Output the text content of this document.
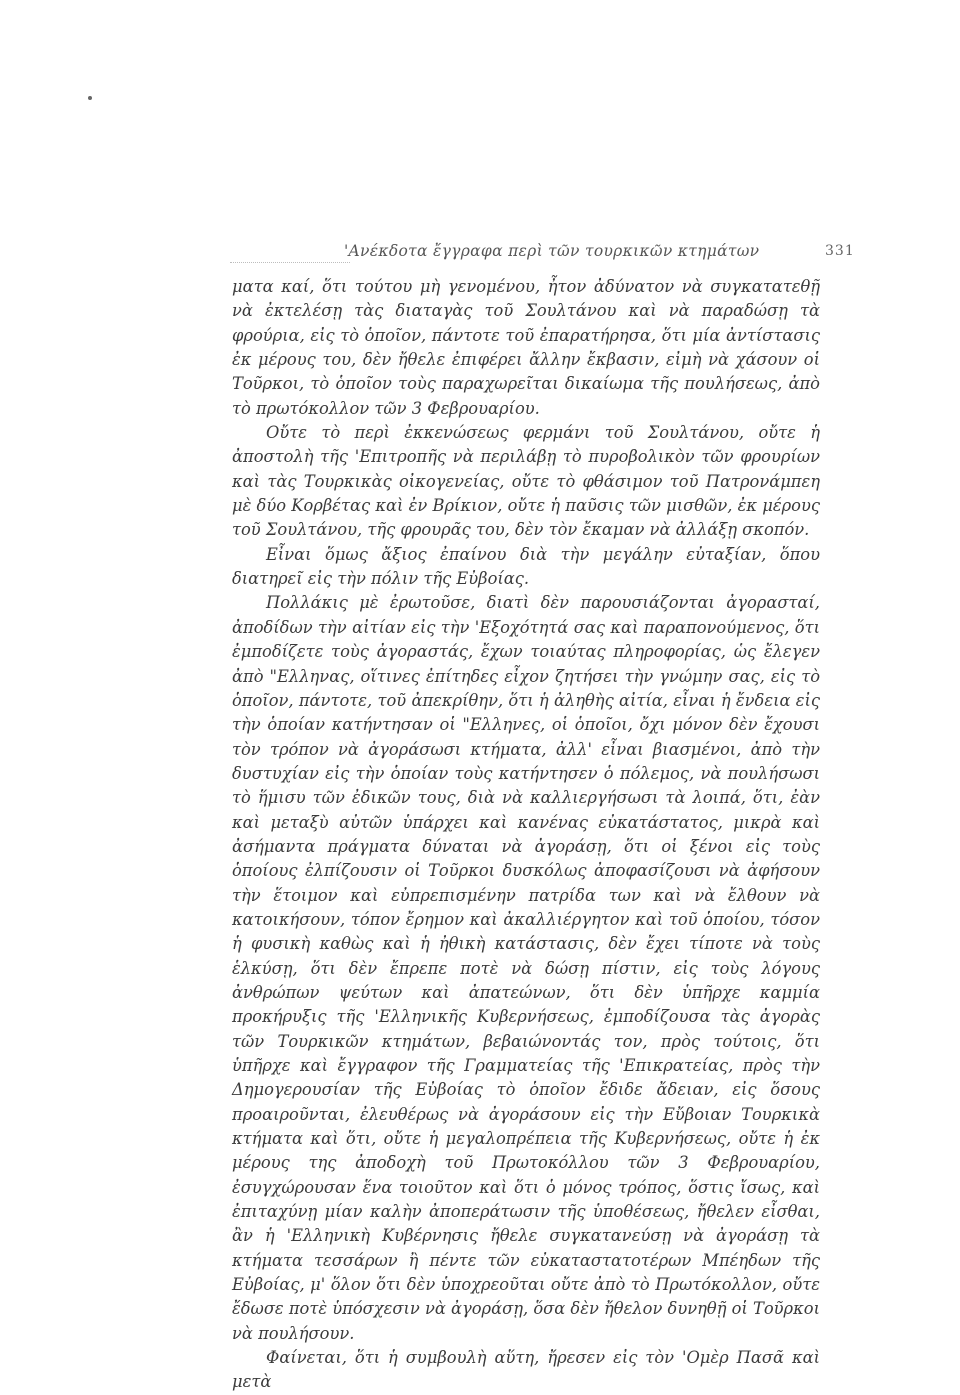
'Ανέκδοτα ἔγγραφα περὶ τῶν τουρκικῶν κτημάτων	331

ματα καί, ὅτι τούτου μὴ γενομένου, ἦτον ἀδύνατον νὰ συγκατατεθῇ νὰ ἐκτελέσῃ τὰς διαταγὰς τοῦ Σουλτάνου καὶ νὰ παραδώσῃ τὰ φρούρια, εἰς τὸ ὁποῖον, πάντοτε τοῦ ἐπαρατήρησα, ὅτι μία ἀντίστασις ἐκ μέρους του, δὲν ἤθελε ἐπιφέρει ἄλλην ἔκβασιν, εἰμὴ νὰ χάσουν οἱ Τοῦρκοι, τὸ ὁποῖον τοὺς παραχωρεῖται δικαίωμα τῆς πουλήσεως, ἀπὸ τὸ πρωτόκολλον τῶν 3 Φεβρουαρίου.

Οὔτε τὸ περὶ ἐκκενώσεως φερμάνι τοῦ Σουλτάνου, οὔτε ἡ ἀποστολὴ τῆς 'Επιτροπῆς νὰ περιλάβῃ τὸ πυροβολικὸν τῶν φρουρίων καὶ τὰς Τουρκικὰς οἰκογενείας, οὔτε τὸ φθάσιμον τοῦ Πατρονάμπεη μὲ δύο Κορβέτας καὶ ἐν Βρίκιον, οὔτε ἡ παῦσις τῶν μισθῶν, ἐκ μέρους τοῦ Σουλτάνου, τῆς φρουρᾶς του, δὲν τὸν ἔκαμαν νὰ ἀλλάξῃ σκοπόν.

Εἶναι ὅμως ἄξιος ἐπαίνου διὰ τὴν μεγάλην εὐταξίαν, ὅπου διατηρεῖ εἰς τὴν πόλιν τῆς Εὐβοίας.

Πολλάκις μὲ ἐρωτοῦσε, διατὶ δὲν παρουσιάζονται ἀγορασταί, ἀποδίδων τὴν αἰτίαν εἰς τὴν 'Εξοχότητά σας καὶ παραπονούμενος, ὅτι ἐμποδίζετε τοὺς ἀγοραστάς, ἔχων τοιαύτας πληροφορίας, ὡς ἔλεγεν ἀπὸ "Ελληνας, οἵτινες ἐπίτηδες εἶχον ζητήσει τὴν γνώμην σας, εἰς τὸ ὁποῖον, πάντοτε, τοῦ ἀπεκρίθην, ὅτι ἡ ἀληθὴς αἰτία, εἶναι ἡ ἔνδεια εἰς τὴν ὁποίαν κατήντησαν οἱ "Ελληνες, οἱ ὁποῖοι, ὄχι μόνον δὲν ἔχουσι τὸν τρόπον νὰ ἀγοράσωσι κτήματα, ἀλλ' εἶναι βιασμένοι, ἀπὸ τὴν δυστυχίαν εἰς τὴν ὁποίαν τοὺς κατήντησεν ὁ πόλεμος, νὰ πουλήσωσι τὸ ἥμισυ τῶν ἐδικῶν τους, διὰ νὰ καλλιεργήσωσι τὰ λοιπά, ὅτι, ἐὰν καὶ μεταξὺ αὐτῶν ὑπάρχει καὶ κανένας εὐκατάστατος, μικρὰ καὶ ἀσήμαντα πράγματα δύναται νὰ ἀγοράσῃ, ὅτι οἱ ξένοι εἰς τοὺς ὁποίους ἐλπίζουσιν οἱ Τοῦρκοι δυσκόλως ἀποφασίζουσι νὰ ἀφήσουν τὴν ἕτοιμον καὶ εὐπρεπισμένην πατρίδα των καὶ νὰ ἔλθουν νὰ κατοικήσουν, τόπον ἔρημον καὶ ἀκαλλιέργητον καὶ τοῦ ὁποίου, τόσον ἡ φυσικὴ καθὼς καὶ ἡ ἠθικὴ κατάστασις, δὲν ἔχει τίποτε νὰ τοὺς ἑλκύσῃ, ὅτι δὲν ἔπρεπε ποτὲ νὰ δώσῃ πίστιν, εἰς τοὺς λόγους ἀνθρώπων ψεύτων καὶ ἀπατεώνων, ὅτι δὲν ὑπῆρχε καμμία προκήρυξις τῆς 'Ελληνικῆς Κυβερνήσεως, ἐμποδίζουσα τὰς ἀγορὰς τῶν Τουρκικῶν κτημάτων, βεβαιώνοντάς τον, πρὸς τούτοις, ὅτι ὑπῆρχε καὶ ἔγγραφον τῆς Γραμματείας τῆς 'Επικρατείας, πρὸς τὴν Δημογερουσίαν τῆς Εὐβοίας τὸ ὁποῖον ἔδιδε ἄδειαν, εἰς ὅσους προαιροῦνται, ἐλευθέρως νὰ ἀγοράσουν εἰς τὴν Εὔβοιαν Τουρκικὰ κτήματα καὶ ὅτι, οὔτε ἡ μεγαλοπρέπεια τῆς Κυβερνήσεως, οὔτε ἡ ἐκ μέρους της ἀποδοχὴ τοῦ Πρωτοκόλλου τῶν 3 Φεβρουαρίου, ἐσυγχώρουσαν ἕνα τοιοῦτον καὶ ὅτι ὁ μόνος τρόπος, ὅστις ἴσως, καὶ ἐπιταχύνῃ μίαν καλὴν ἀποπεράτωσιν τῆς ὑποθέσεως, ἤθελεν εἶσθαι, ἂν ἡ 'Ελληνικὴ Κυβέρνησις ἤθελε συγκατανεύσῃ νὰ ἀγοράσῃ τὰ κτήματα τεσσάρων ἢ πέντε τῶν εὐκαταστατοτέρων Μπέηδων τῆς Εὐβοίας, μ' ὅλον ὅτι δὲν ὑποχρεοῦται οὔτε ἀπὸ τὸ Πρωτόκολλον, οὔτε ἔδωσε ποτὲ ὑπόσχεσιν νὰ ἀγοράσῃ, ὅσα δὲν ἤθελον δυνηθῇ οἱ Τοῦρκοι νὰ πουλήσουν.

Φαίνεται, ὅτι ἡ συμβουλὴ αὕτη, ἤρεσεν εἰς τὸν 'Ομὲρ Πασᾶ καὶ μετὰ
